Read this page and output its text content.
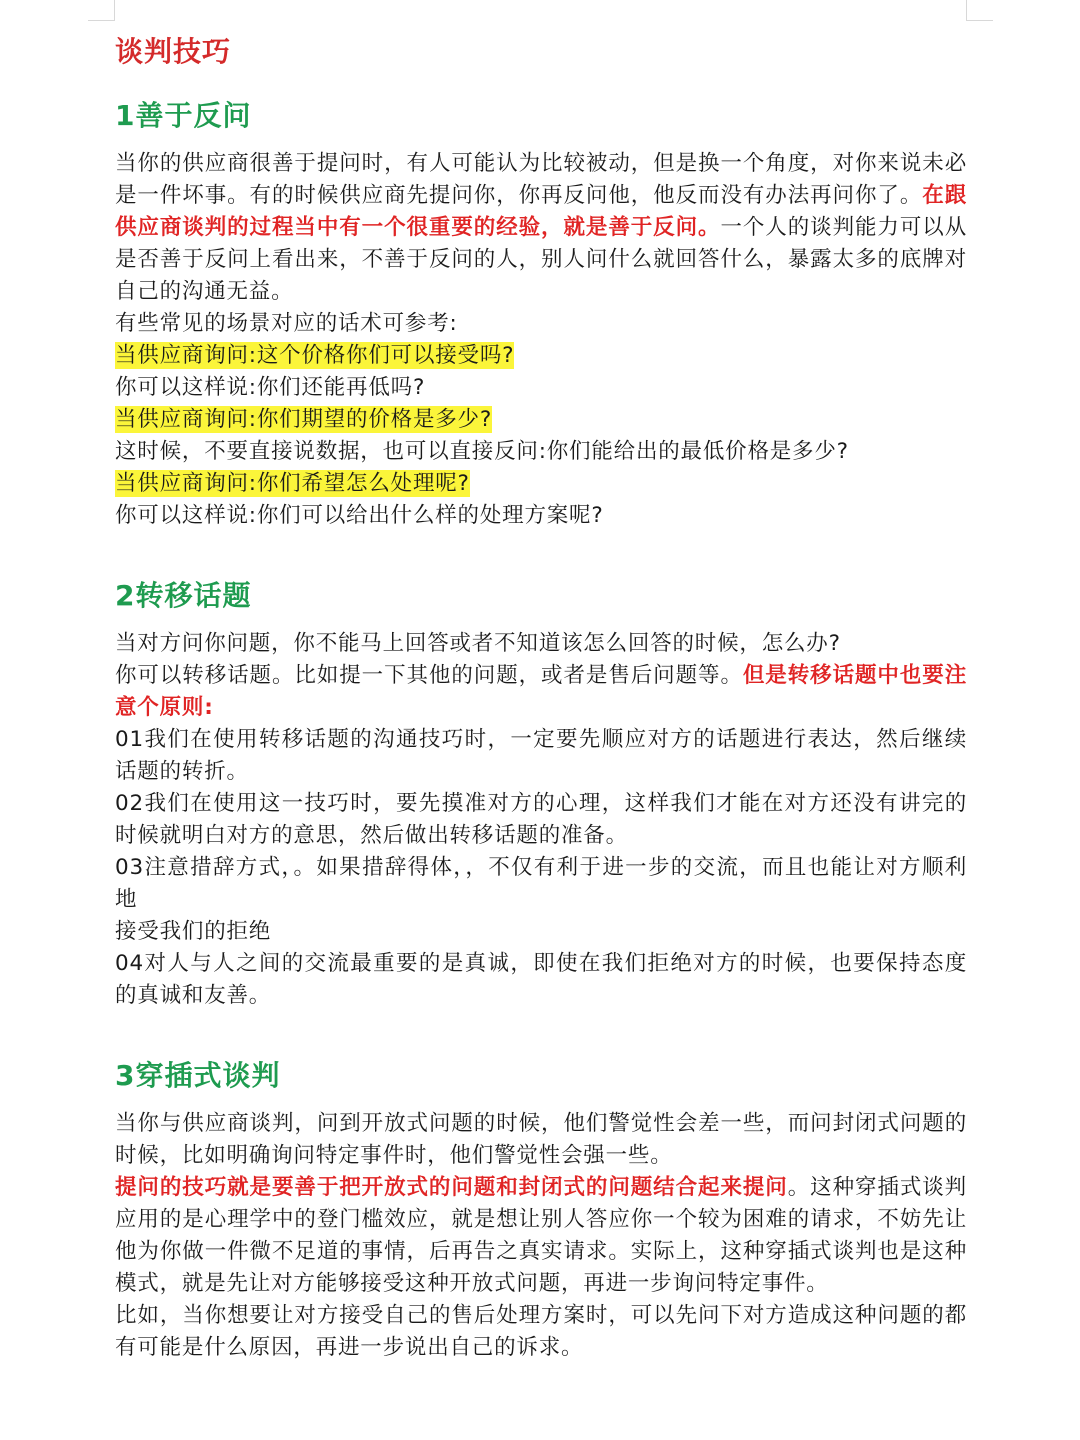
谈判技巧
1善于反问
当你的供应商很善于提问时，有人可能认为比较被动，但是换一个角度，对你来说未必是一件坏事。有的时候供应商先提问你，你再反问他，他反而没有办法再问你了。在跟供应商谈判的过程当中有一个很重要的经验，就是善于反问。一个人的谈判能力可以从是否善于反问上看出来，不善于反问的人，别人问什么就回答什么，暴露太多的底牌对自己的沟通无益。
有些常见的场景对应的话术可参考:
当供应商询问:这个价格你们可以接受吗?
你可以这样说:你们还能再低吗?
当供应商询问:你们期望的价格是多少?
这时候，不要直接说数据，也可以直接反问:你们能给出的最低价格是多少?
当供应商询问:你们希望怎么处理呢?
你可以这样说:你们可以给出什么样的处理方案呢?
2转移话题
当对方问你问题，你不能马上回答或者不知道该怎么回答的时候，怎么办?
你可以转移话题。比如提一下其他的问题，或者是售后问题等。但是转移话题中也要注意个原则:
01我们在使用转移话题的沟通技巧时，一定要先顺应对方的话题进行表达，然后继续话题的转折。
02我们在使用这一技巧时，要先摸准对方的心理，这样我们才能在对方还没有讲完的时候就明白对方的意思，然后做出转移话题的准备。
03注意措辞方式，。如果措辞得体，，不仅有利于进一步的交流，而且也能让对方顺利地
接受我们的拒绝
04对人与人之间的交流最重要的是真诚，即使在我们拒绝对方的时候，也要保持态度的真诚和友善。
3穿插式谈判
当你与供应商谈判，问到开放式问题的时候，他们警觉性会差一些，而问封闭式问题的时候，比如明确询问特定事件时，他们警觉性会强一些。
提问的技巧就是要善于把开放式的问题和封闭式的问题结合起来提问。这种穿插式谈判应用的是心理学中的登门槛效应，就是想让别人答应你一个较为困难的请求，不妨先让他为你做一件微不足道的事情，后再告之真实请求。实际上，这种穿插式谈判也是这种模式，就是先让对方能够接受这种开放式问题，再进一步询问特定事件。
比如，当你想要让对方接受自己的售后处理方案时，可以先问下对方造成这种问题的都有可能是什么原因，再进一步说出自己的诉求。
